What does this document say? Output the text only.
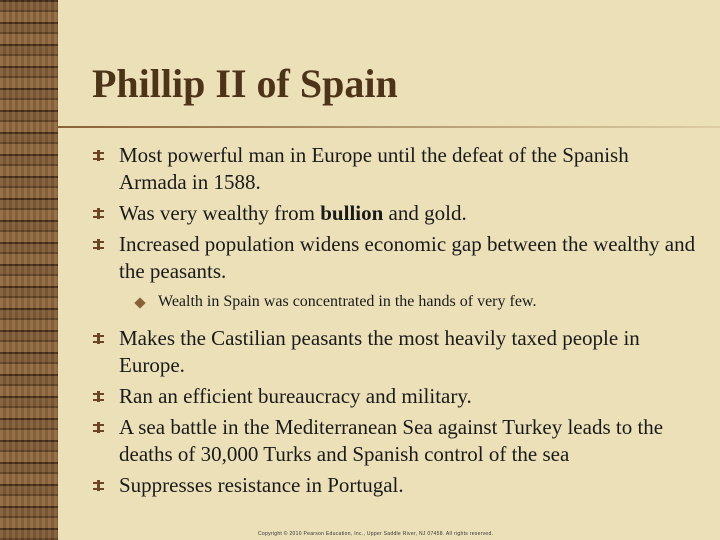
Phillip II of Spain
Most powerful man in Europe until the defeat of the Spanish Armada in 1588.
Was very wealthy from bullion and gold.
Increased population widens economic gap between the wealthy and the peasants.
Wealth in Spain was concentrated in the hands of very few.
Makes the Castilian peasants the most heavily taxed people in Europe.
Ran an efficient bureaucracy and military.
A sea battle in the Mediterranean Sea against Turkey leads to the deaths of 30,000 Turks and Spanish control of the sea
Suppresses resistance in Portugal.
Copyright © 2010 Pearson Education, Inc., Upper Saddle River, NJ 07458. All rights reserved.
